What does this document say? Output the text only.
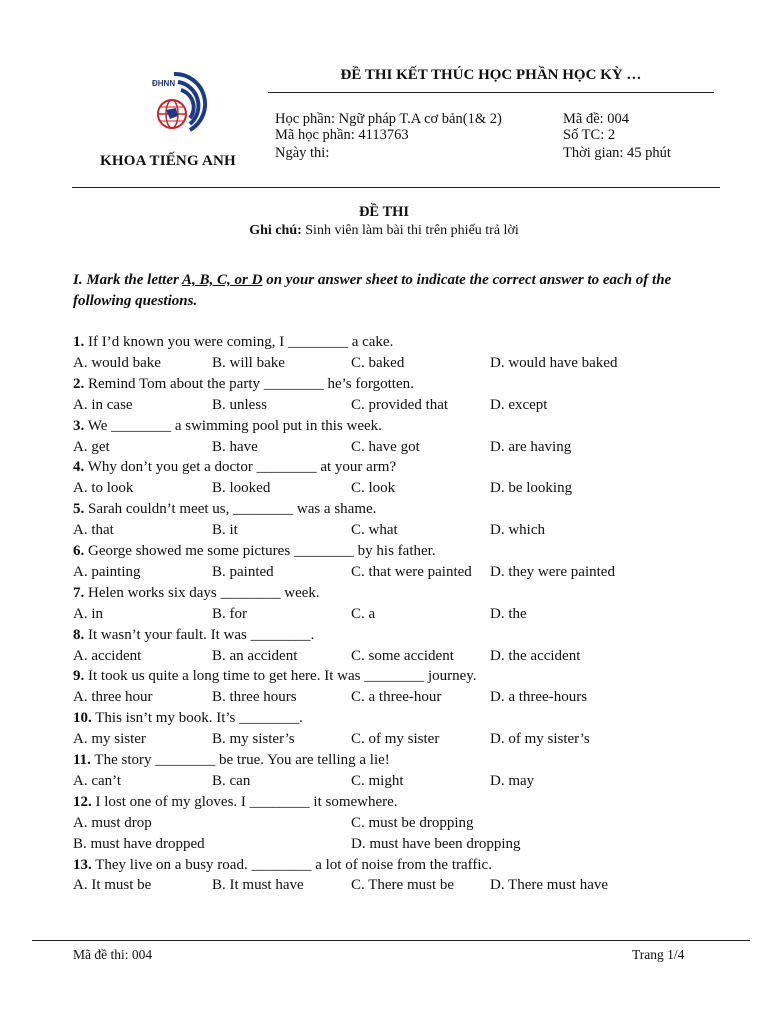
ĐHNN
KHOA TIẾNG ANH
ĐỀ THI KẾT THÚC HỌC PHẦN HỌC KỲ …
Học phần: Ngữ pháp T.A cơ bản(1& 2)
Mã học phần: 4113763
Ngày thi:
Mã đề: 004
Số TC: 2
Thời gian: 45 phút
ĐỀ THI
Ghi chú: Sinh viên làm bài thi trên phiếu trả lời
I. Mark the letter A, B, C, or D on your answer sheet to indicate the correct answer to each of the following questions.
1. If I’d known you were coming, I ________ a cake.
A. would bake	B. will bake	C. baked	D. would have baked
2. Remind Tom about the party ________ he’s forgotten.
A. in case	B. unless	C. provided that	D. except
3. We ________ a swimming pool put in this week.
A. get	B. have	C. have got	D. are having
4. Why don’t you get a doctor ________ at your arm?
A. to look	B. looked	C. look	D. be looking
5. Sarah couldn’t meet us, ________ was a shame.
A. that	B. it	C. what	D. which
6. George showed me some pictures ________ by his father.
A. painting	B. painted	C. that were painted D. they were painted
7. Helen works six days ________ week.
A. in	B. for	C. a	D. the
8. It wasn’t your fault. It was ________.
A. accident	B. an accident	C. some accident D. the accident
9. It took us quite a long time to get here. It was ________ journey.
A. three hour	B. three hours	C. a three-hour	D. a three-hours
10. This isn’t my book. It’s ________.
A. my sister	B. my sister’s	C. of my sister	D. of my sister’s
11. The story ________ be true. You are telling a lie!
A. can’t	B. can	C. might	D. may
12. I lost one of my gloves. I ________ it somewhere.
A. must drop
B. must have dropped
C. must be dropping
D. must have been dropping
13. They live on a busy road. ________ a lot of noise from the traffic.
A. It must be	B. It must have	C. There must be D. There must have
Mã đề thi: 004	Trang 1/4
